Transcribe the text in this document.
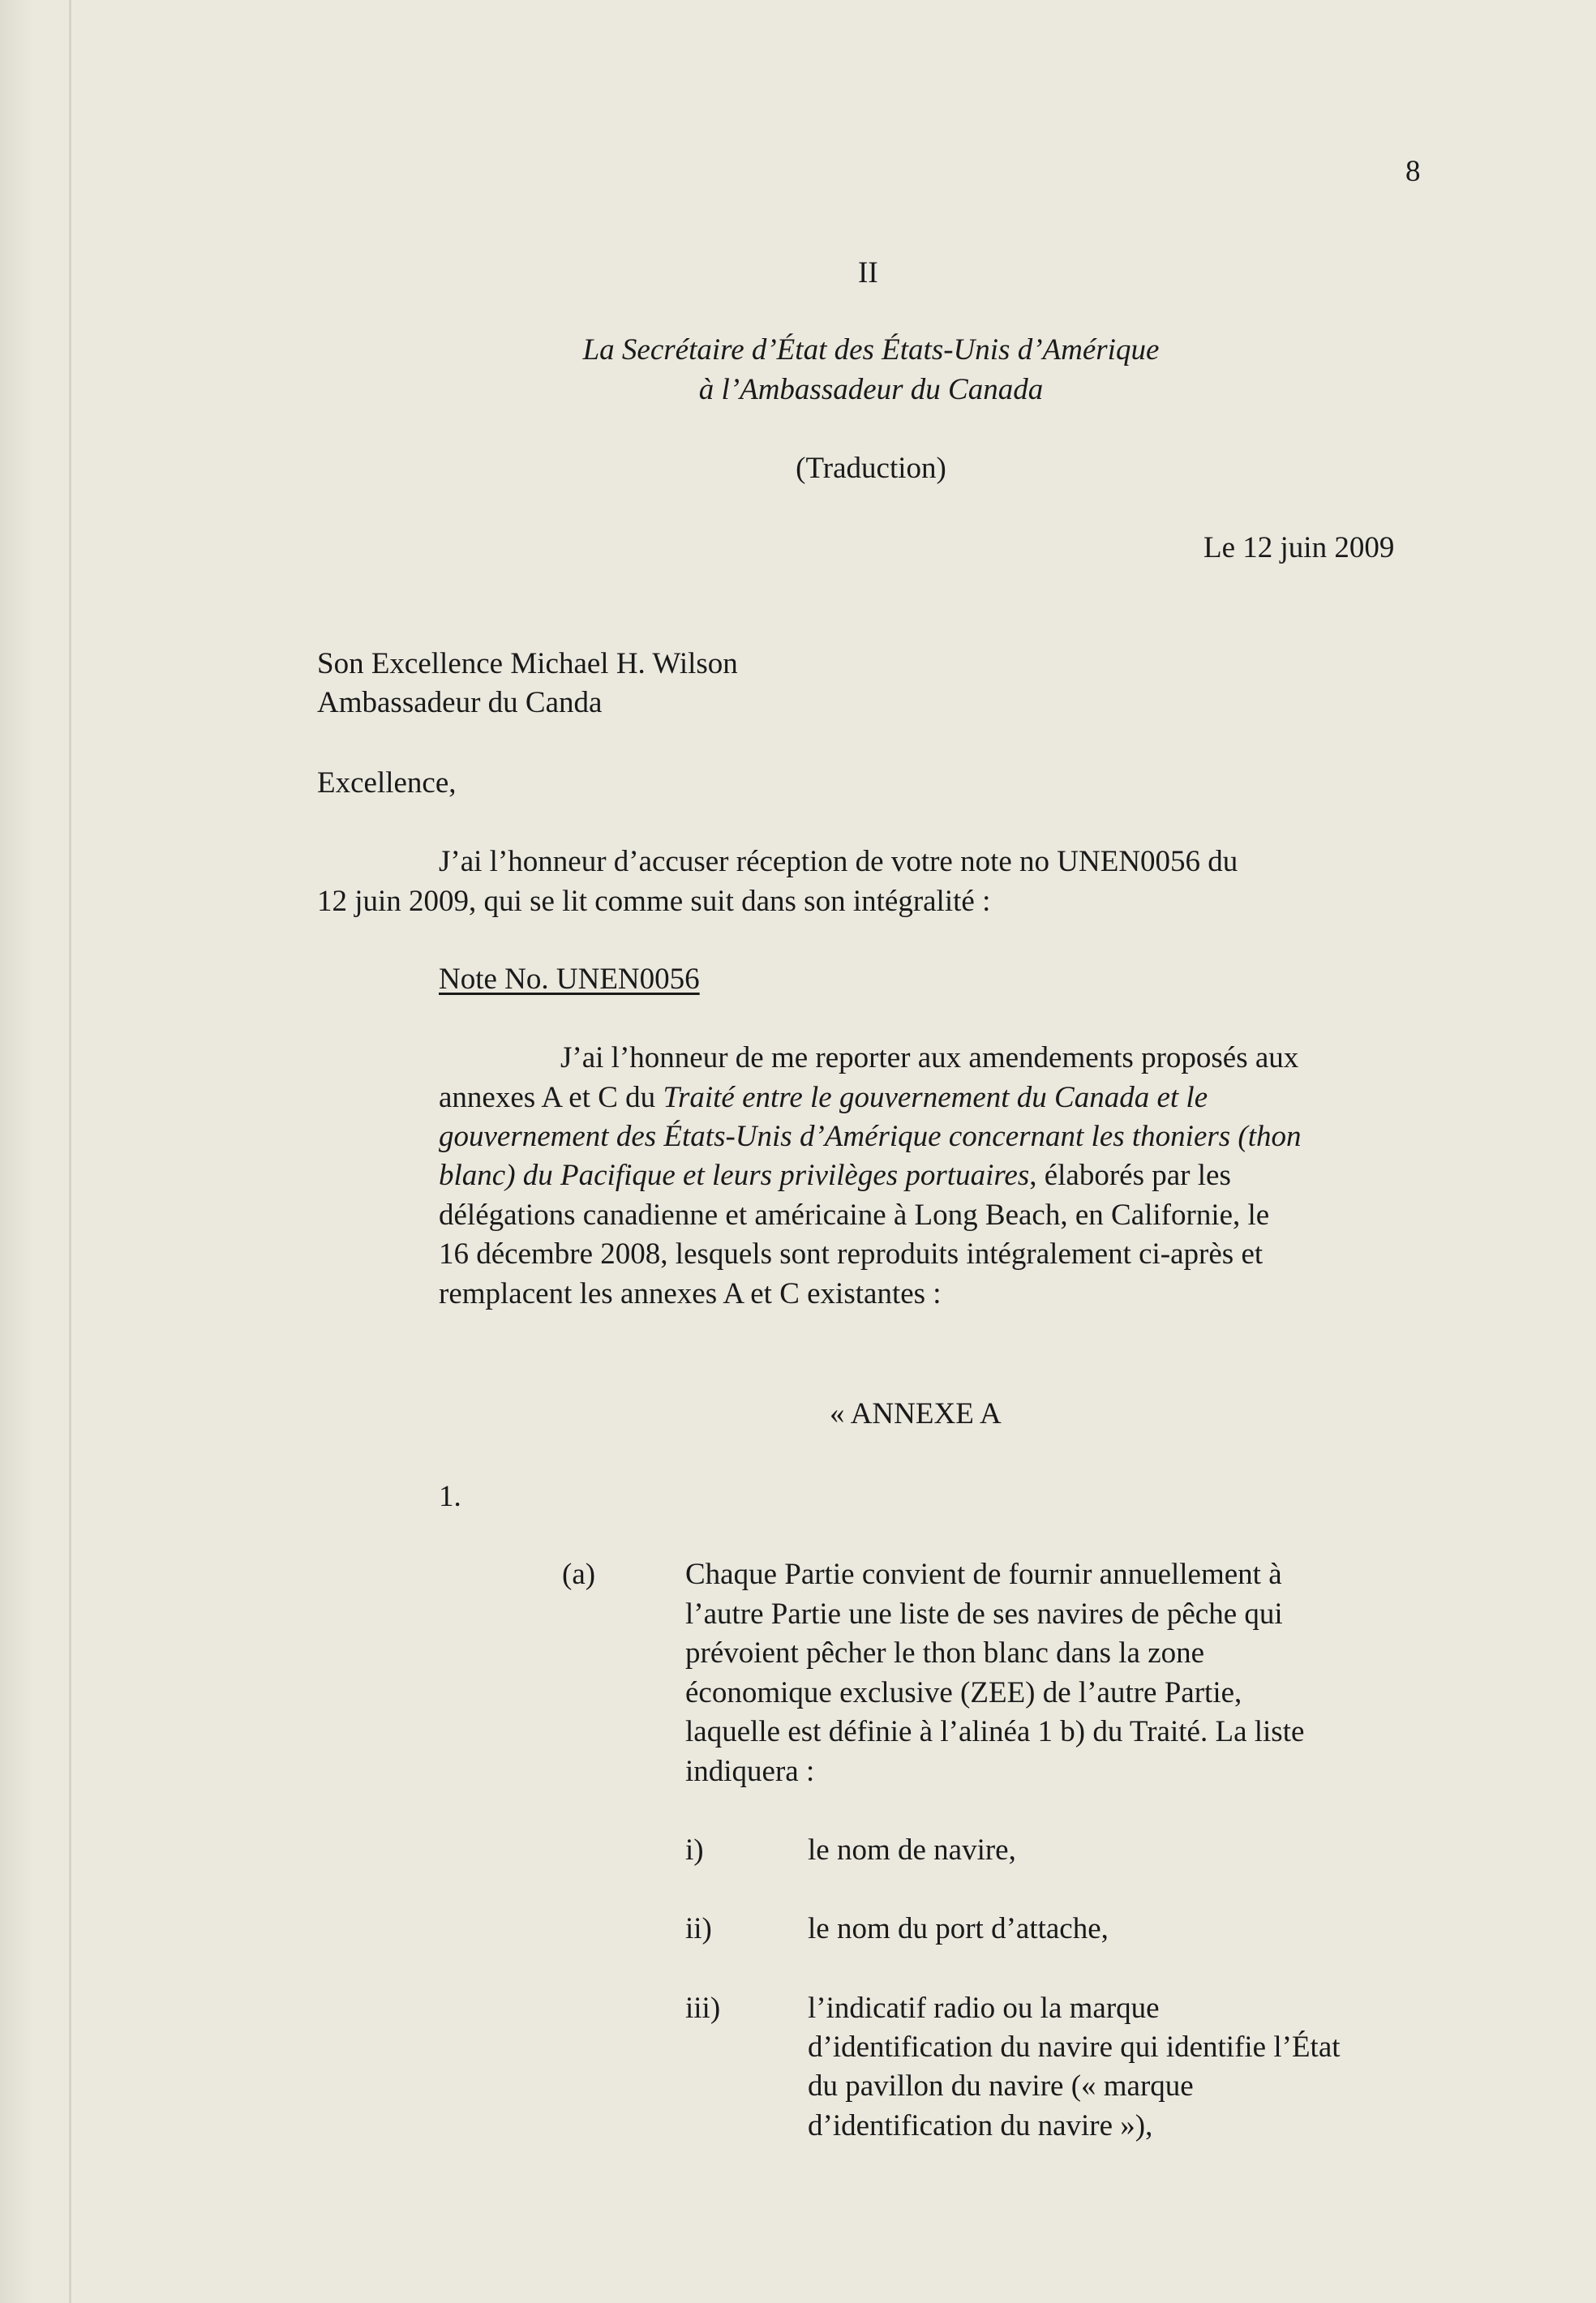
8
II
La Secrétaire d’État des États-Unis d’Amérique
à l’Ambassadeur du Canada
(Traduction)
Le 12 juin 2009
Son Excellence Michael H. Wilson
Ambassadeur du Canda
Excellence,
J’ai l’honneur d’accuser réception de votre note no UNEN0056 du
12 juin 2009, qui se lit comme suit dans son intégralité :
Note No. UNEN0056
J’ai l’honneur de me reporter aux amendements proposés aux
annexes A et C du Traité entre le gouvernement du Canada et le
gouvernement des États-Unis d’Amérique concernant les thoniers (thon
blanc) du Pacifique et leurs privilèges portuaires, élaborés par les
délégations canadienne et américaine à Long Beach, en Californie, le
16 décembre 2008, lesquels sont reproduits intégralement ci-après et
remplacent les annexes A et C existantes :
« ANNEXE A
1.
(a)	Chaque Partie convient de fournir annuellement à
l’autre Partie une liste de ses navires de pêche qui
prévoient pêcher le thon blanc dans la zone
économique exclusive (ZEE) de l’autre Partie,
laquelle est définie à l’alinéa 1 b) du Traité. La liste
indiquera :
i)	le nom de navire,
ii)	le nom du port d’attache,
iii)	l’indicatif radio ou la marque
d’identification du navire qui identifie l’État
du pavillon du navire (« marque
d’identification du navire »),
